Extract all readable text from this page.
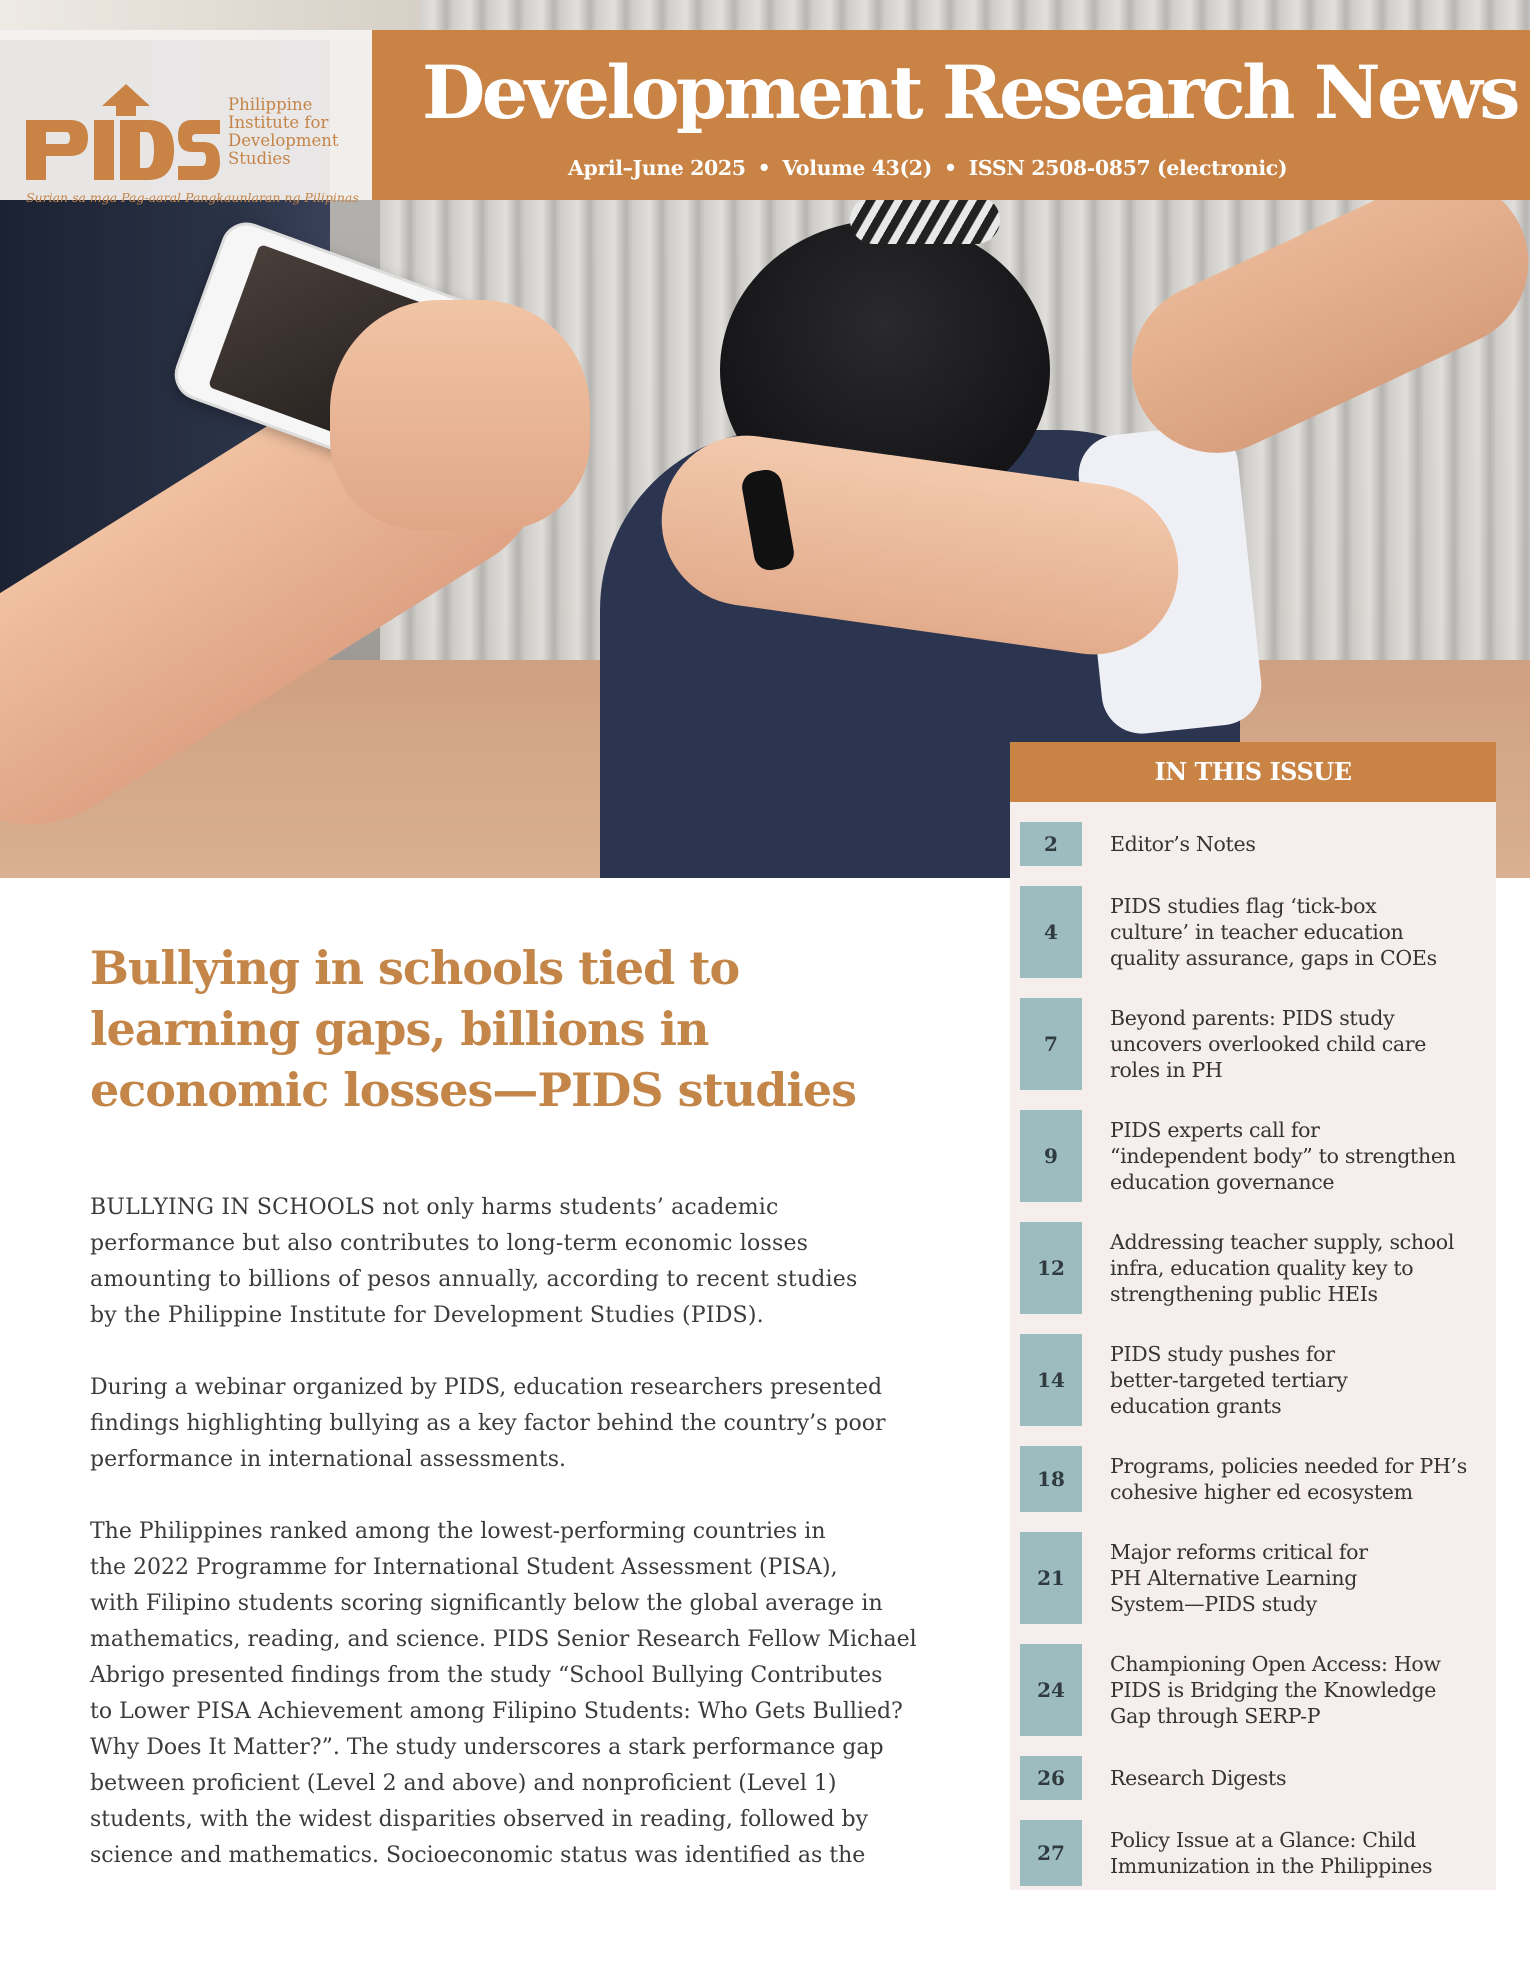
Philippine
Institute for
Development
Studies
Surian sa mga Pag-aaral Pangkaunlaran ng Pilipinas
Development Research News
April–June 2025 • Volume 43(2) • ISSN 2508-0857 (electronic)
Bullying in schools tied to
learning gaps, billions in
economic losses—PIDS studies

BULLYING IN SCHOOLS not only harms students’ academic
performance but also contributes to long-term economic losses
amounting to billions of pesos annually, according to recent studies
by the Philippine Institute for Development Studies (PIDS).

During a webinar organized by PIDS, education researchers presented
findings highlighting bullying as a key factor behind the country’s poor
performance in international assessments.

The Philippines ranked among the lowest-performing countries in
the 2022 Programme for International Student Assessment (PISA),
with Filipino students scoring significantly below the global average in
mathematics, reading, and science. PIDS Senior Research Fellow Michael
Abrigo presented findings from the study “School Bullying Contributes
to Lower PISA Achievement among Filipino Students: Who Gets Bullied?
Why Does It Matter?”. The study underscores a stark performance gap
between proficient (Level 2 and above) and nonproficient (Level 1)
students, with the widest disparities observed in reading, followed by
science and mathematics. Socioeconomic status was identified as the

IN THIS ISSUE
2	Editor’s Notes
4
PIDS studies flag ‘tick-box
culture’ in teacher education
quality assurance, gaps in COEs
7
Beyond parents: PIDS study
uncovers overlooked child care
roles in PH
9
PIDS experts call for
“independent body” to strengthen
education governance
12
Addressing teacher supply, school
infra, education quality key to
strengthening public HEIs
14
PIDS study pushes for
better-targeted tertiary
education grants
18
Programs, policies needed for PH’s
cohesive higher ed ecosystem
21
Major reforms critical for
PH Alternative Learning
System—PIDS study
24
Championing Open Access: How
PIDS is Bridging the Knowledge
Gap through SERP-P
26	Research Digests
27
Policy Issue at a Glance: Child
Immunization in the Philippines
